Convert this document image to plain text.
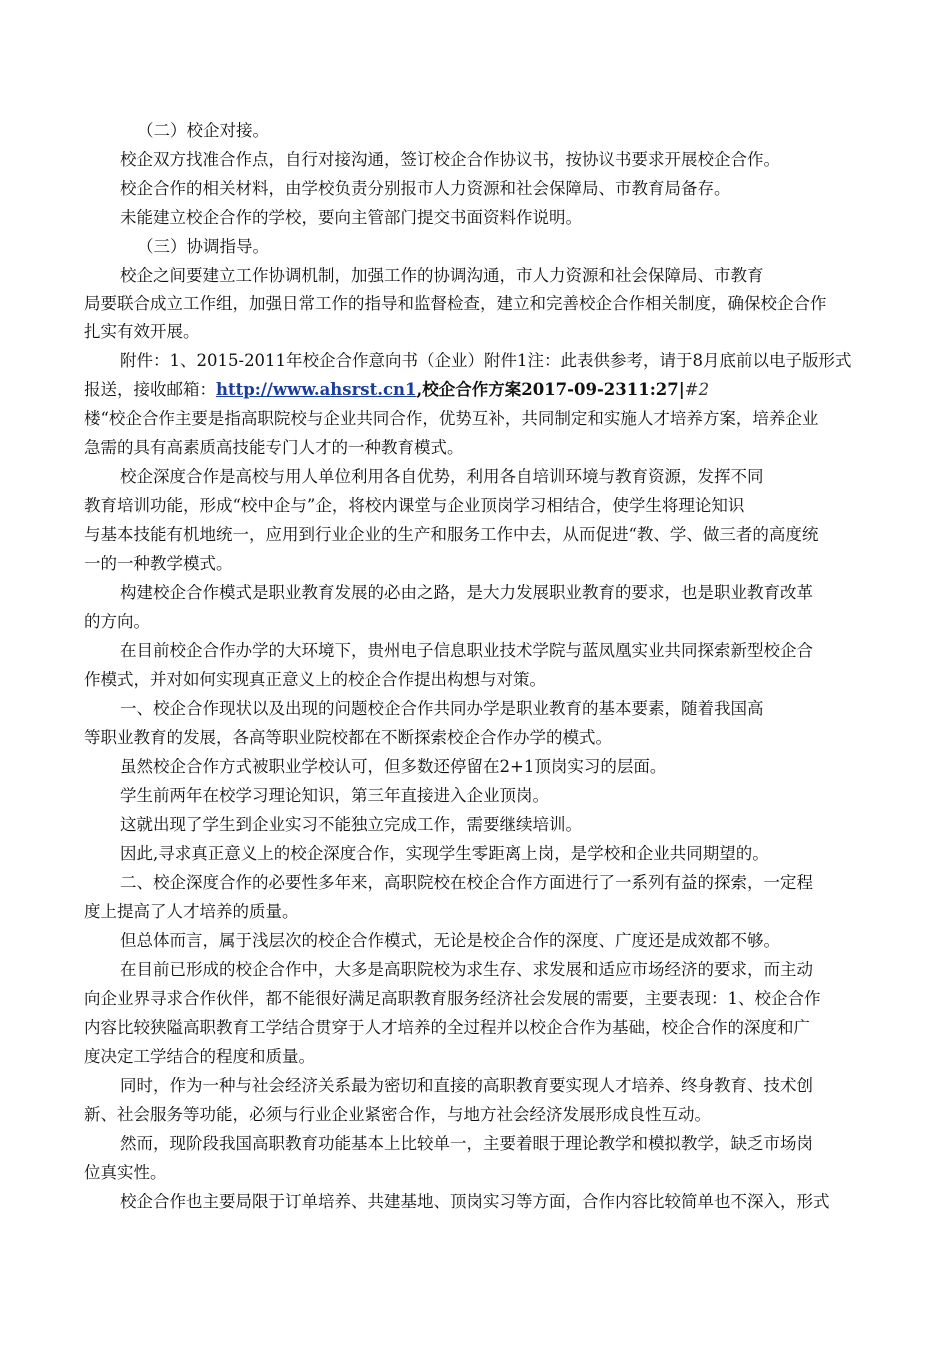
（二）校企对接。
校企双方找准合作点，自行对接沟通，签订校企合作协议书，按协议书要求开展校企合作。
校企合作的相关材料，由学校负责分别报市人力资源和社会保障局、市教育局备存。
未能建立校企合作的学校，要向主管部门提交书面资料作说明。
（三）协调指导。
校企之间要建立工作协调机制，加强工作的协调沟通，市人力资源和社会保障局、市教育
局要联合成立工作组，加强日常工作的指导和监督检查，建立和完善校企合作相关制度，确保校企合作
扎实有效开展。
附件：1、2015-2011年校企合作意向书（企业）附件1注：此表供参考，请于8月底前以电子版形式
报送，接收邮箱：http://www.ahsrst.cn1,校企合作方案2017-09-2311:27|#2
楼“校企合作主要是指高职院校与企业共同合作，优势互补，共同制定和实施人才培养方案，培养企业
急需的具有高素质高技能专门人才的一种教育模式。
校企深度合作是高校与用人单位利用各自优势，利用各自培训环境与教育资源，发挥不同
教育培训功能，形成“校中企与”企，将校内课堂与企业顶岗学习相结合，使学生将理论知识
与基本技能有机地统一，应用到行业企业的生产和服务工作中去，从而促进“教、学、做三者的高度统
一的一种教学模式。
构建校企合作模式是职业教育发展的必由之路，是大力发展职业教育的要求，也是职业教育改革
的方向。
在目前校企合作办学的大环境下，贵州电子信息职业技术学院与蓝凤凰实业共同探索新型校企合
作模式，并对如何实现真正意义上的校企合作提出构想与对策。
一、校企合作现状以及出现的问题校企合作共同办学是职业教育的基本要素，随着我国高
等职业教育的发展，各高等职业院校都在不断探索校企合作办学的模式。
虽然校企合作方式被职业学校认可，但多数还停留在2+1顶岗实习的层面。
学生前两年在校学习理论知识，第三年直接进入企业顶岗。
这就出现了学生到企业实习不能独立完成工作，需要继续培训。
因此,寻求真正意义上的校企深度合作，实现学生零距离上岗，是学校和企业共同期望的。
二、校企深度合作的必要性多年来，高职院校在校企合作方面进行了一系列有益的探索，一定程
度上提高了人才培养的质量。
但总体而言，属于浅层次的校企合作模式，无论是校企合作的深度、广度还是成效都不够。
在目前已形成的校企合作中，大多是高职院校为求生存、求发展和适应市场经济的要求，而主动
向企业界寻求合作伙伴，都不能很好满足高职教育服务经济社会发展的需要，主要表现：1、校企合作
内容比较狭隘高职教育工学结合贯穿于人才培养的全过程并以校企合作为基础，校企合作的深度和广
度决定工学结合的程度和质量。
同时，作为一种与社会经济关系最为密切和直接的高职教育要实现人才培养、终身教育、技术创
新、社会服务等功能，必须与行业企业紧密合作，与地方社会经济发展形成良性互动。
然而，现阶段我国高职教育功能基本上比较单一，主要着眼于理论教学和模拟教学，缺乏市场岗
位真实性。
校企合作也主要局限于订单培养、共建基地、顶岗实习等方面，合作内容比较简单也不深入，形式
